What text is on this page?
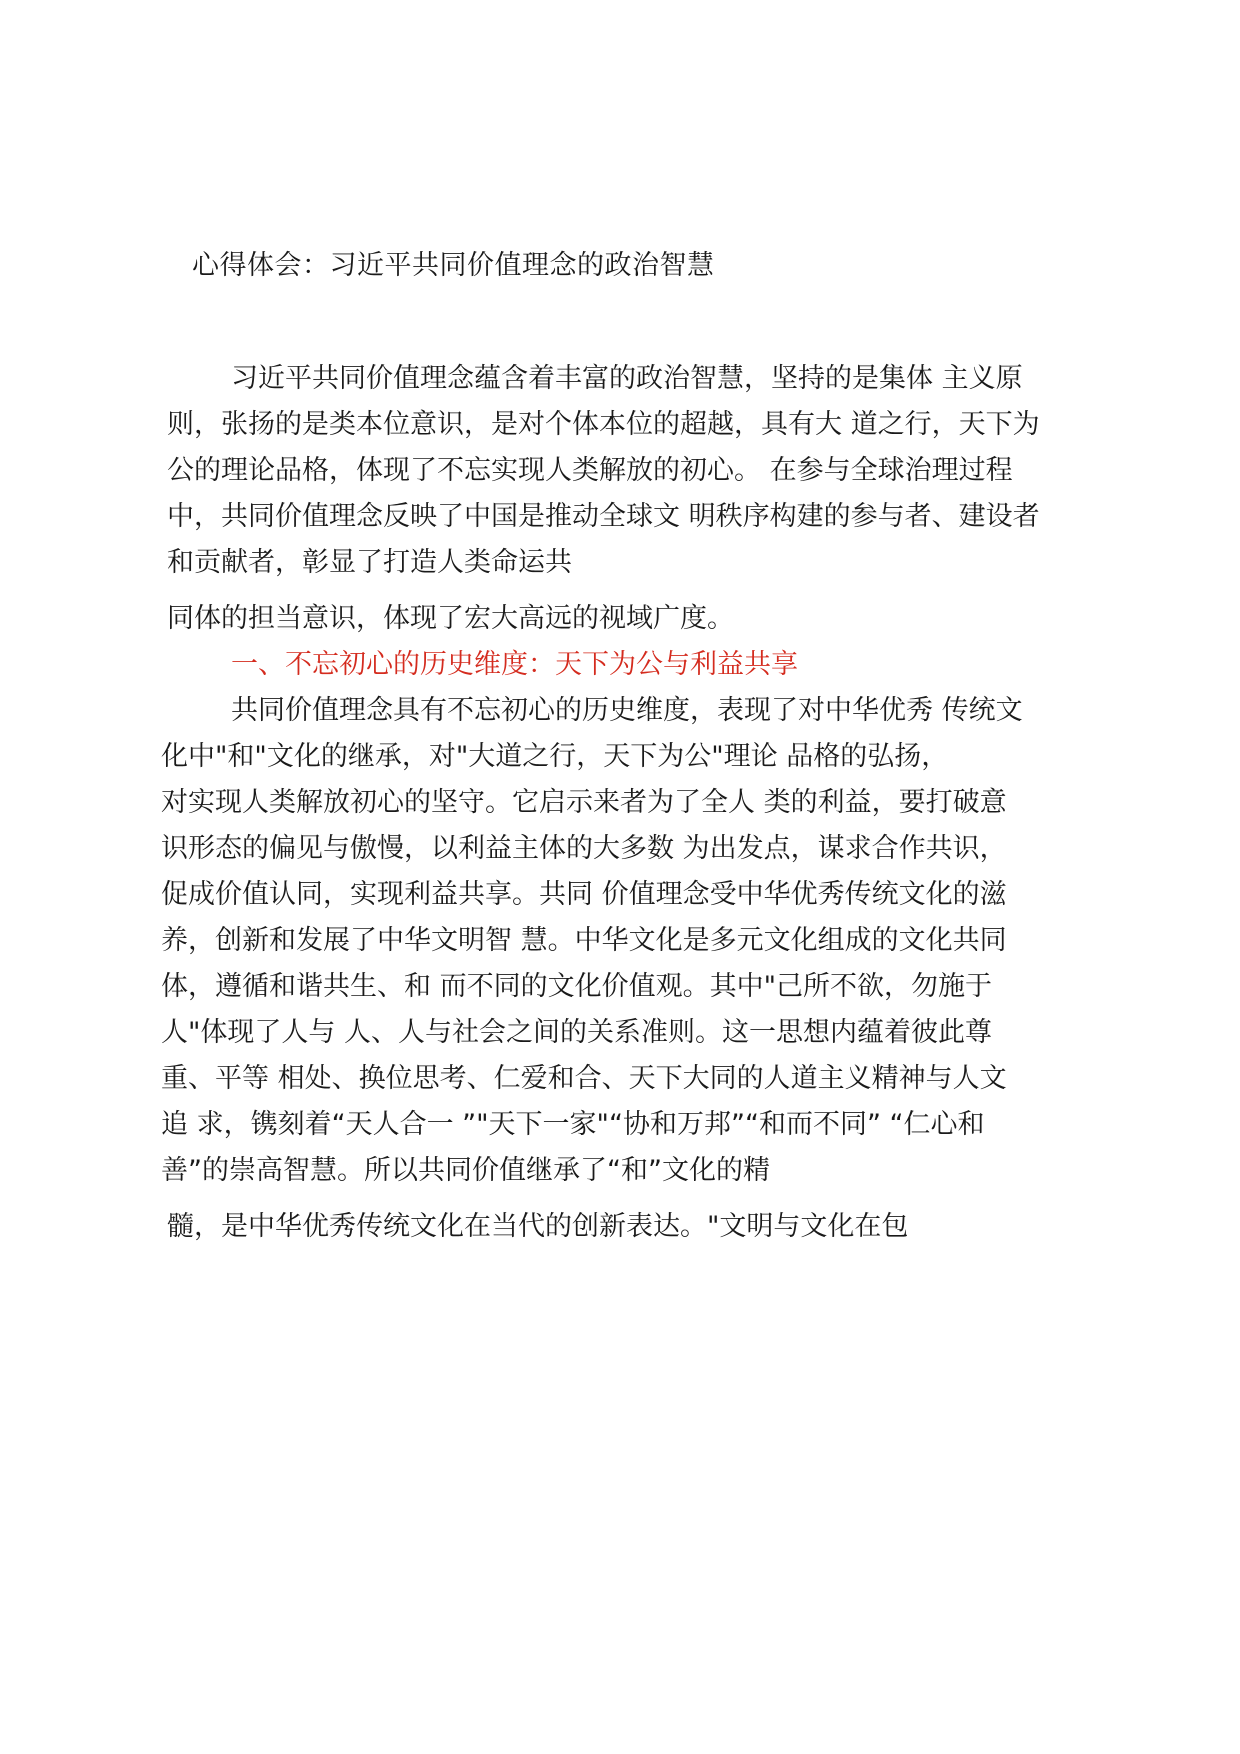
心得体会：习近平共同价值理念的政治智慧
习近平共同价值理念蕴含着丰富的政治智慧，坚持的是集体 主义原
则，张扬的是类本位意识，是对个体本位的超越，具有大 道之行，天下为
公的理论品格，体现了不忘实现人类解放的初心。 在参与全球治理过程
中，共同价值理念反映了中国是推动全球文 明秩序构建的参与者、建设者
和贡献者，彰显了打造人类命运共
同体的担当意识，体现了宏大高远的视域广度。
一、不忘初心的历史维度：天下为公与利益共享
共同价值理念具有不忘初心的历史维度，表现了对中华优秀 传统文
化中"和"文化的继承，对"大道之行，天下为公"理论 品格的弘扬，
对实现人类解放初心的坚守。它启示来者为了全人 类的利益，要打破意
识形态的偏见与傲慢，以利益主体的大多数 为出发点，谋求合作共识，
促成价值认同，实现利益共享。共同 价值理念受中华优秀传统文化的滋
养，创新和发展了中华文明智 慧。中华文化是多元文化组成的文化共同
体，遵循和谐共生、和 而不同的文化价值观。其中"己所不欲，勿施于
人"体现了人与 人、人与社会之间的关系准则。这一思想内蕴着彼此尊
重、平等 相处、换位思考、仁爱和合、天下大同的人道主义精神与人文
追 求，镌刻着“天人合一 ”"天下一家"“协和万邦”“和而不同” “仁心和
善”的崇高智慧。所以共同价值继承了“和”文化的精
髓，是中华优秀传统文化在当代的创新表达。"文明与文化在包
